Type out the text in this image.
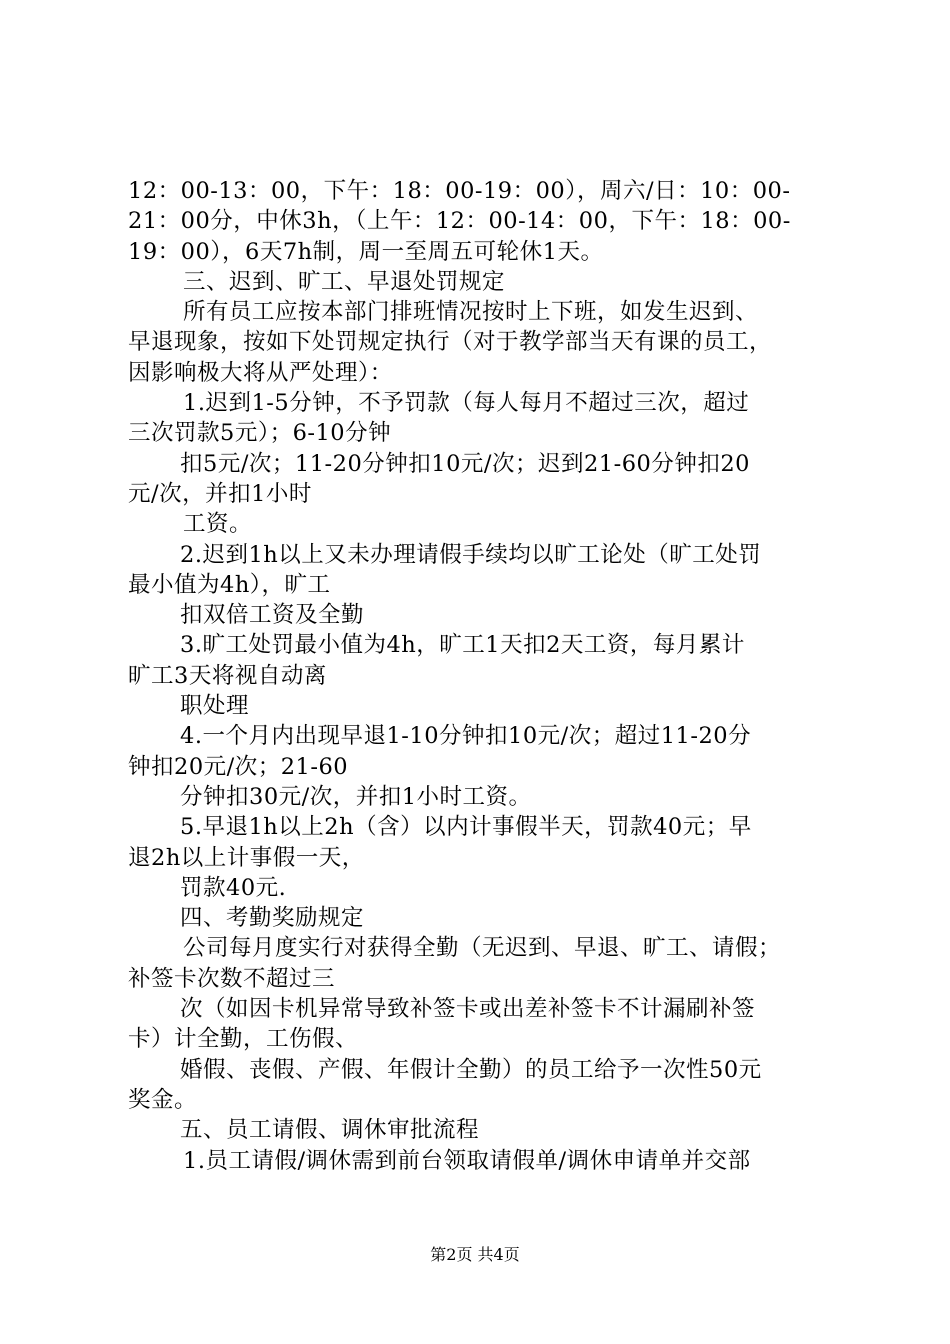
12：00-13：00，下午：18：00-19：00），周六/日：10：00-
21：00分，中休3h，（上午：12：00-14：00，下午：18：00-
19：00），6天7h制，周一至周五可轮休1天。
三、迟到、旷工、早退处罚规定
所有员工应按本部门排班情况按时上下班，如发生迟到、
早退现象，按如下处罚规定执行（对于教学部当天有课的员工，
因影响极大将从严处理）：
1.迟到1-5分钟，不予罚款（每人每月不超过三次，超过
三次罚款5元）；6-10分钟
扣5元/次；11-20分钟扣10元/次；迟到21-60分钟扣20
元/次，并扣1小时
工资。
2.迟到1h以上又未办理请假手续均以旷工论处（旷工处罚
最小值为4h），旷工
扣双倍工资及全勤
3.旷工处罚最小值为4h，旷工1天扣2天工资，每月累计
旷工3天将视自动离
职处理
4.一个月内出现早退1-10分钟扣10元/次；超过11-20分
钟扣20元/次；21-60
分钟扣30元/次，并扣1小时工资。
5.早退1h以上2h（含）以内计事假半天，罚款40元；早
退2h以上计事假一天，
罚款40元.
四、考勤奖励规定
公司每月度实行对获得全勤（无迟到、早退、旷工、请假；
补签卡次数不超过三
次（如因卡机异常导致补签卡或出差补签卡不计漏刷补签
卡）计全勤，工伤假、
婚假、丧假、产假、年假计全勤）的员工给予一次性50元
奖金。
五、员工请假、调休审批流程
1.员工请假/调休需到前台领取请假单/调休申请单并交部
第2页 共4页
